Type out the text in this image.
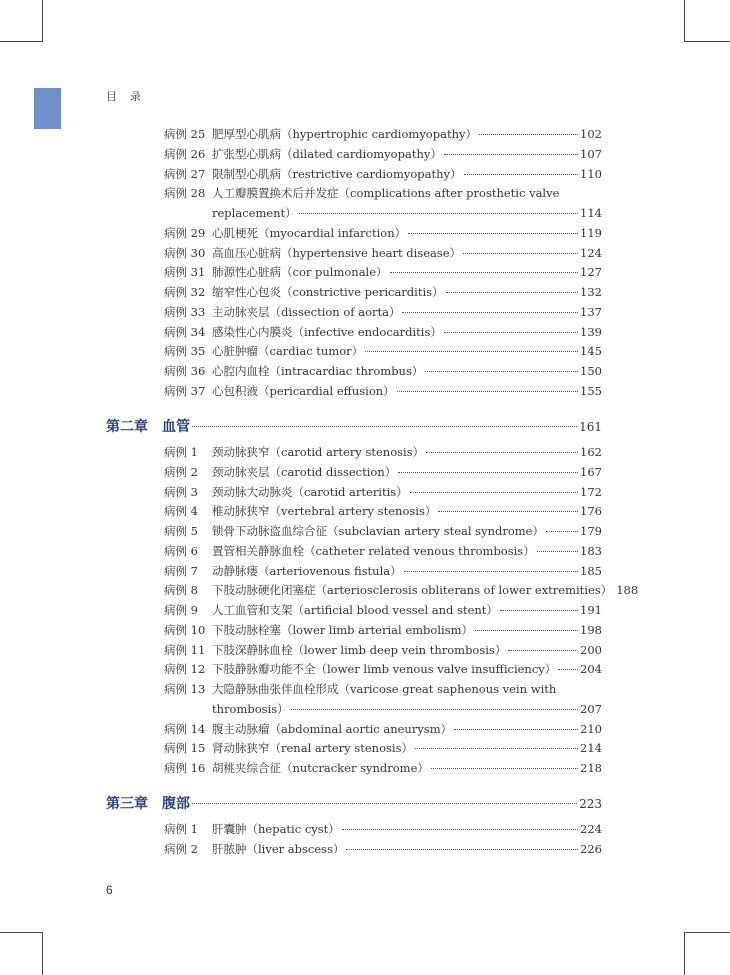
目　录
病例 25 肥厚型心肌病（hypertrophic cardiomyopathy）	102
病例 26 扩张型心肌病（dilated cardiomyopathy）	107
病例 27 限制型心肌病（restrictive cardiomyopathy）	110
病例 28 人工瓣膜置换术后并发症（complications after prosthetic valve
replacement）	114
病例 29 心肌梗死（myocardial infarction）	119
病例 30 高血压心脏病（hypertensive heart disease）	124
病例 31 肺源性心脏病（cor pulmonale）	127
病例 32 缩窄性心包炎（constrictive pericarditis）	132
病例 33 主动脉夹层（dissection of aorta）	137
病例 34 感染性心内膜炎（infective endocarditis）	139
病例 35 心脏肿瘤（cardiac tumor）	145
病例 36 心腔内血栓（intracardiac thrombus）	150
病例 37 心包积液（pericardial effusion）	155
第二章 血管	161
病例 1	颈动脉狭窄（carotid artery stenosis）	162
病例 2	颈动脉夹层（carotid dissection）	167
病例 3	颈动脉大动脉炎（carotid arteritis）	172
病例 4	椎动脉狭窄（vertebral artery stenosis）	176
病例 5	锁骨下动脉盗血综合征（subclavian artery steal syndrome）	179
病例 6	置管相关静脉血栓（catheter related venous thrombosis）	183
病例 7	动静脉瘘（arteriovenous fistula）	185
病例 8	下肢动脉硬化闭塞症（arteriosclerosis obliterans of lower extremities） 188
病例 9	人工血管和支架（artificial blood vessel and stent）	191
病例 10 下肢动脉栓塞（lower limb arterial embolism）	198
病例 11 下肢深静脉血栓（lower limb deep vein thrombosis）	200
病例 12 下肢静脉瓣功能不全（lower limb venous valve insufficiency） 204
病例 13 大隐静脉曲张伴血栓形成（varicose great saphenous vein with
thrombosis）	207
病例 14 腹主动脉瘤（abdominal aortic aneurysm）	210
病例 15 肾动脉狭窄（renal artery stenosis）	214
病例 16 胡桃夹综合征（nutcracker syndrome）	218
第三章 腹部	223
病例 1	肝囊肿（hepatic cyst）	224
病例 2	肝脓肿（liver abscess）	226
6
